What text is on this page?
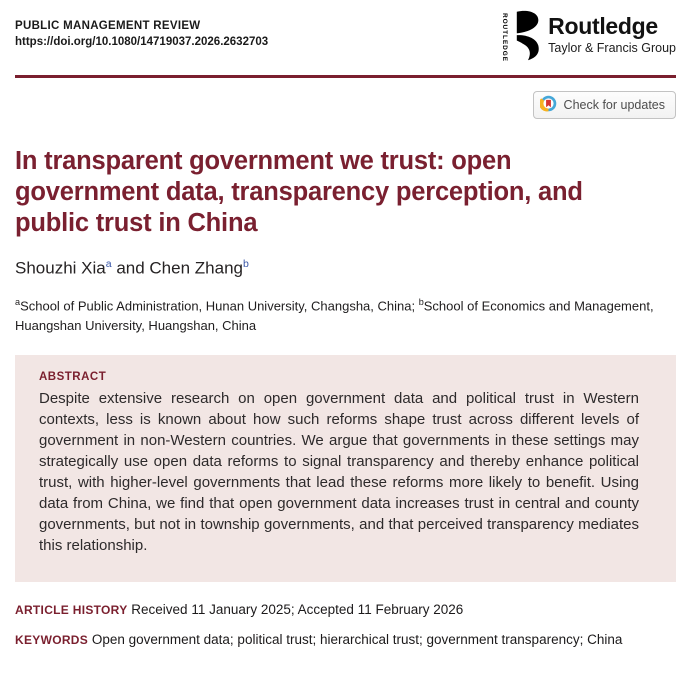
PUBLIC MANAGEMENT REVIEW
https://doi.org/10.1080/14719037.2026.2632703	ROUTLEDGE Routledge
Taylor & Francis Group
Check for updates
In transparent government we trust: open government data, transparency perception, and public trust in China
Shouzhi Xia$^a$ and Chen Zhang$^b$

$^a$School of Public Administration, Hunan University, Changsha, China; $^b$School of Economics and Management, Huangshan University, Huangshan, China

ABSTRACT

Despite extensive research on open government data and political trust in Western contexts, less is known about how such reforms shape trust across different levels of government in non-Western countries. We argue that governments in these settings may strategically use open data reforms to signal transparency and thereby enhance political trust, with higher-level governments that lead these reforms more likely to benefit. Using data from China, we find that open government data increases trust in central and county governments, but not in township governments, and that perceived transparency mediates this relationship.

ARTICLE HISTORY Received 11 January 2025; Accepted 11 February 2026

KEYWORDS Open government data; political trust; hierarchical trust; government transparency; China
